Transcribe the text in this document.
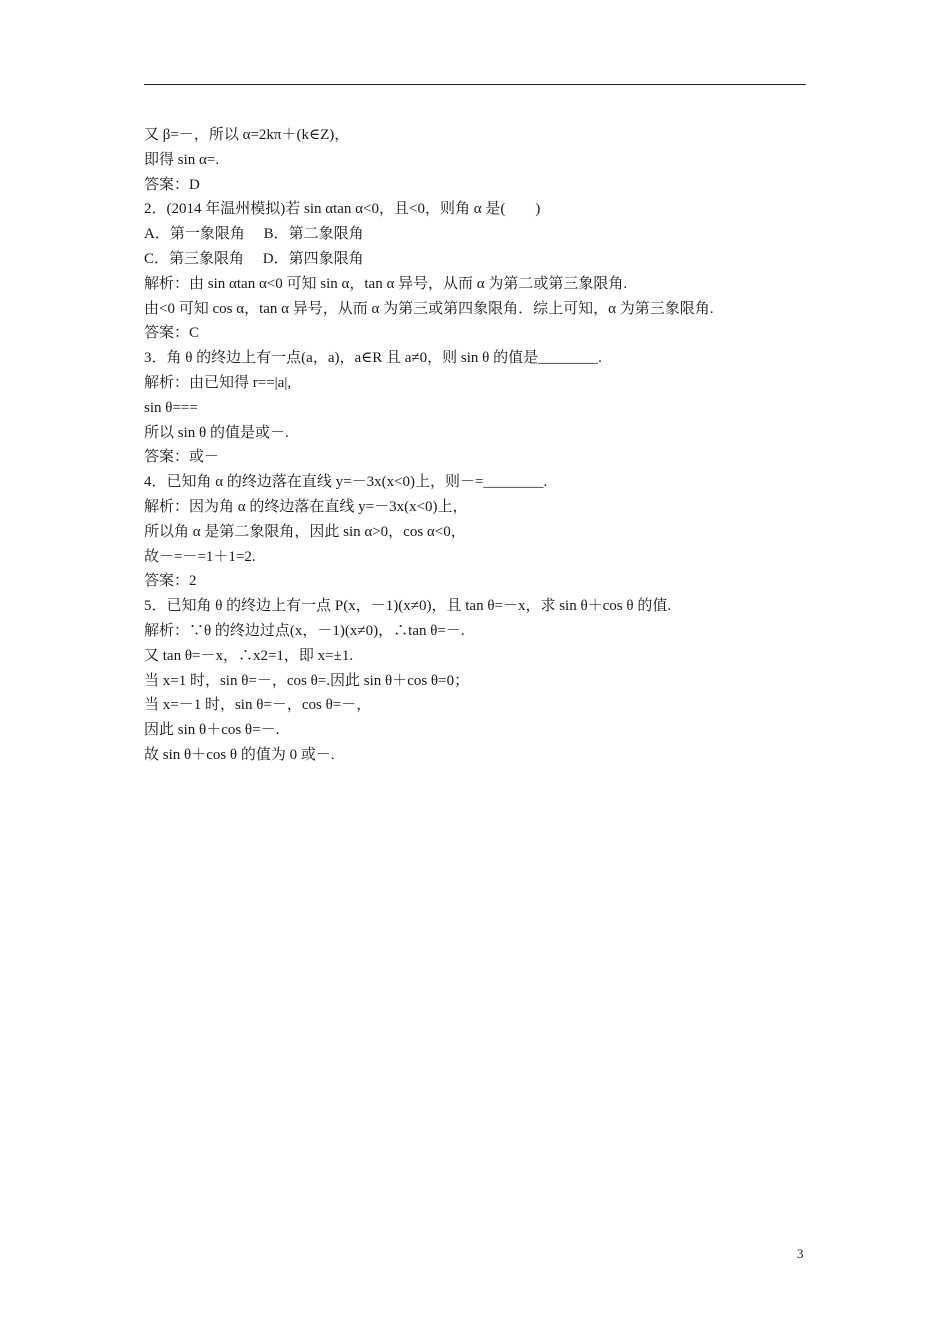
又 β=－，所以 α=2kπ＋(k∈Z)，
即得 sin α=.
答案：D
2．(2014 年温州模拟)若 sin αtan α<0，且<0，则角 α 是(　　)
A．第一象限角　 B．第二象限角
C．第三象限角　 D．第四象限角
解析：由 sin αtan α<0 可知 sin α，tan α 异号，从而 α 为第二或第三象限角.
由<0 可知 cos α，tan α 异号，从而 α 为第三或第四象限角．综上可知，α 为第三象限角.
答案：C
3．角 θ 的终边上有一点(a，a)，a∈R 且 a≠0，则 sin θ 的值是________.
解析：由已知得 r==|a|,
sin θ===
所以 sin θ 的值是或－.
答案：或－
4．已知角 α 的终边落在直线 y=－3x(x<0)上，则－=________.
解析：因为角 α 的终边落在直线 y=－3x(x<0)上，
所以角 α 是第二象限角，因此 sin α>0，cos α<0，
故－=－=1＋1=2.
答案：2
5．已知角 θ 的终边上有一点 P(x，－1)(x≠0)，且 tan θ=－x，求 sin θ＋cos θ 的值.
解析：∵θ 的终边过点(x，－1)(x≠0)，∴tan θ=－.
又 tan θ=－x，∴x2=1，即 x=±1.
当 x=1 时，sin θ=－，cos θ=.因此 sin θ＋cos θ=0；
当 x=－1 时，sin θ=－，cos θ=－，
因此 sin θ＋cos θ=－.
故 sin θ＋cos θ 的值为 0 或－.
3
